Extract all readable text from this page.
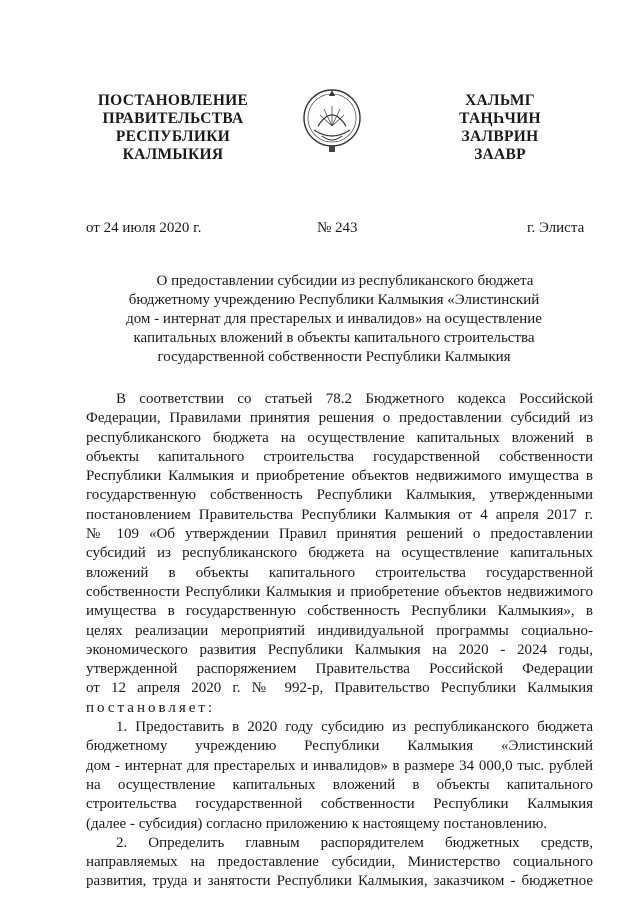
ПОСТАНОВЛЕНИЕ
ПРАВИТЕЛЬСТВА
РЕСПУБЛИКИ
КАЛМЫКИЯ
ХАЛЬМГ
ТАҢҺЧИН
ЗАЛВРИН
ЗААВР
от 24 июля 2020 г.	№ 243	г. Элиста
О предоставлении субсидии из республиканского бюджета
бюджетному учреждению Республики Калмыкия «Элистинский
дом - интернат для престарелых и инвалидов» на осуществление
капитальных вложений в объекты капитального строительства
государственной собственности Республики Калмыкия
В соответствии со статьей 78.2 Бюджетного кодекса Российской
Федерации, Правилами принятия решения о предоставлении субсидий из
республиканского бюджета на осуществление капитальных вложений в
объекты капитального строительства государственной собственности
Республики Калмыкия и приобретение объектов недвижимого имущества в
государственную собственность Республики Калмыкия, утвержденными
постановлением Правительства Республики Калмыкия от 4 апреля 2017 г.
№ 109 «Об утверждении Правил принятия решений о предоставлении
субсидий из республиканского бюджета на осуществление капитальных
вложений в объекты капитального строительства государственной
собственности Республики Калмыкия и приобретение объектов недвижимого
имущества в государственную собственность Республики Калмыкия», в
целях реализации мероприятий индивидуальной программы социально-
экономического развития Республики Калмыкия на 2020 - 2024 годы,
утвержденной распоряжением Правительства Российской Федерации
от 12 апреля 2020 г. № 992-р, Правительство Республики Калмыкия
постановляет:
1. Предоставить в 2020 году субсидию из республиканского бюджета
бюджетному учреждению Республики Калмыкия «Элистинский
дом - интернат для престарелых и инвалидов» в размере 34 000,0 тыс. рублей
на осуществление капитальных вложений в объекты капитального
строительства государственной собственности Республики Калмыкия
(далее - субсидия) согласно приложению к настоящему постановлению.
2. Определить главным распорядителем бюджетных средств,
направляемых на предоставление субсидии, Министерство социального
развития, труда и занятости Республики Калмыкия, заказчиком - бюджетное
